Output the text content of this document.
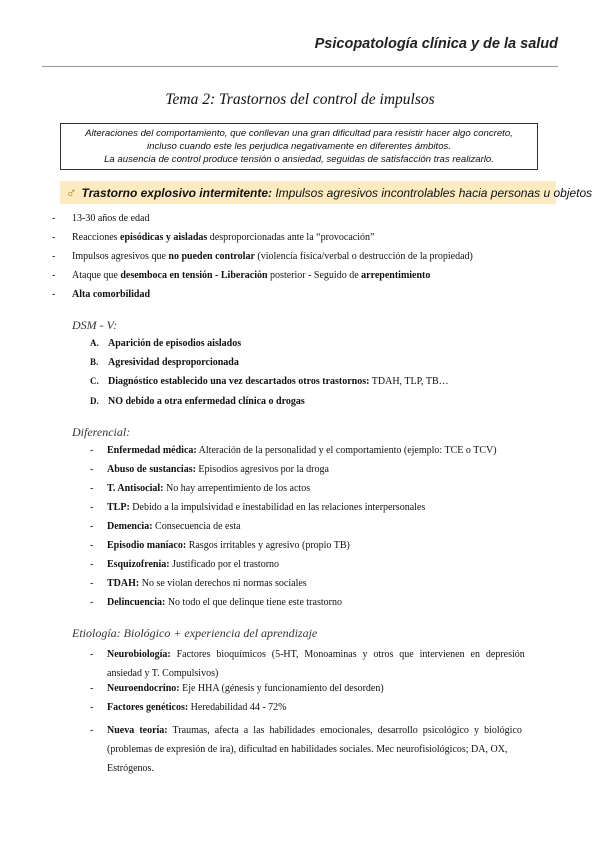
Psicopatología clínica y de la salud
Tema 2: Trastornos del control de impulsos
Alteraciones del comportamiento, que conllevan una gran dificultad para resistir hacer algo concreto,
incluso cuando este les perjudica negativamente en diferentes ámbitos.
La ausencia de control produce tensión o ansiedad, seguidas de satisfacción tras realizarlo.
♂ Trastorno explosivo intermitente: Impulsos agresivos incontrolables hacia personas u objetos
- 13-30 años de edad
- Reacciones episódicas y aisladas desproporcionadas ante la “provocación”
- Impulsos agresivos que no pueden controlar (violencia física/verbal o destrucción de la propiedad)
- Ataque que desemboca en tensión - Liberación posterior - Seguido de arrepentimiento
- Alta comorbilidad
DSM - V:
A. Aparición de episodios aislados
B. Agresividad desproporcionada
C. Diagnóstico establecido una vez descartados otros trastornos: TDAH, TLP, TB…
D. NO debido a otra enfermedad clínica o drogas
Diferencial:
- Enfermedad médica: Alteración de la personalidad y el comportamiento (ejemplo: TCE o TCV)
- Abuso de sustancias: Episodios agresivos por la droga
- T. Antisocial: No hay arrepentimiento de los actos
- TLP: Debido a la impulsividad e inestabilidad en las relaciones interpersonales
- Demencia: Consecuencia de esta
- Episodio maníaco: Rasgos irritables y agresivo (propio TB)
- Esquizofrenia: Justificado por el trastorno
- TDAH: No se violan derechos ni normas sociales
- Delincuencia: No todo el que delinque tiene este trastorno
Etiología: Biológico + experiencia del aprendizaje
- Neurobiología: Factores bioquímicos (5-HT, Monoaminas y otros que intervienen en depresión
ansiedad y T. Compulsivos)
- Neuroendocrino: Eje HHA (génesis y funcionamiento del desorden)
- Factores genéticos: Heredabilidad 44 - 72%
- Nueva teoría: Traumas, afecta a las habilidades emocionales, desarrollo psicológico y biológico
(problemas de expresión de ira), dificultad en habilidades sociales. Mec neurofisiológicos; DA, OX,
Estrógenos.
